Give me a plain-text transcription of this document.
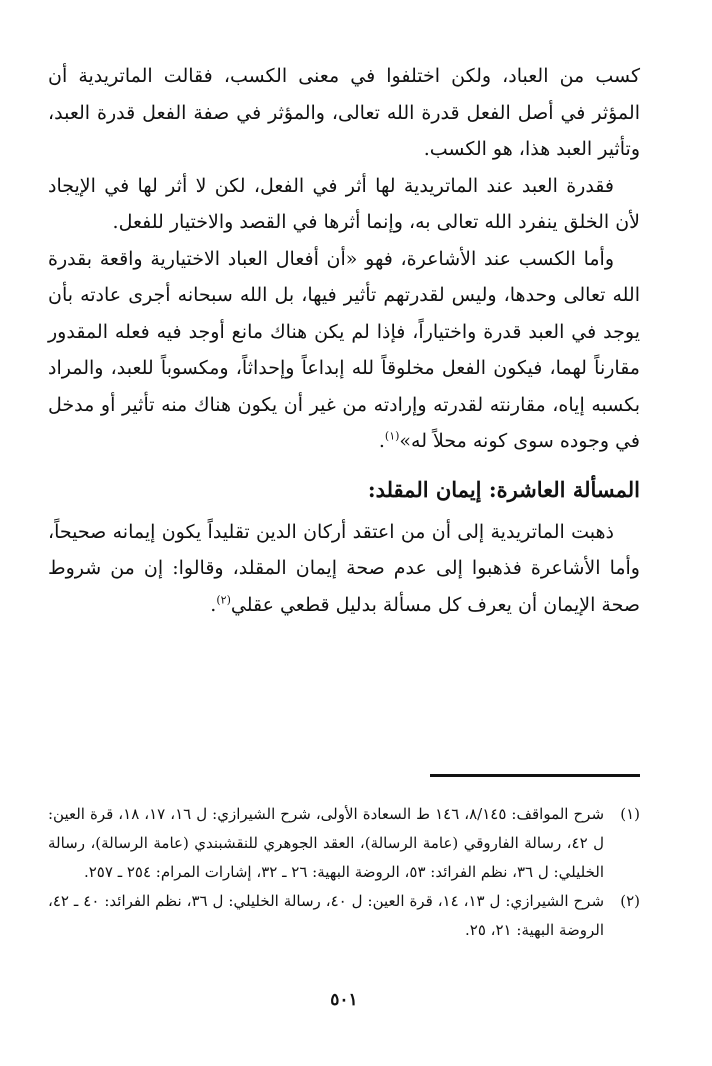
كسب من العباد، ولكن اختلفوا في معنى الكسب، فقالت الماتريدية أن المؤثر في أصل الفعل قدرة الله تعالى، والمؤثر في صفة الفعل قدرة العبد، وتأثير العبد هذا، هو الكسب.

فقدرة العبد عند الماتريدية لها أثر في الفعل، لكن لا أثر لها في الإيجاد لأن الخلق ينفرد الله تعالى به، وإنما أثرها في القصد والاختيار للفعل.

وأما الكسب عند الأشاعرة، فهو «أن أفعال العباد الاختيارية واقعة بقدرة الله تعالى وحدها، وليس لقدرتهم تأثير فيها، بل الله سبحانه أجرى عادته بأن يوجد في العبد قدرة واختياراً، فإذا لم يكن هناك مانع أوجد فيه فعله المقدور مقارناً لهما، فيكون الفعل مخلوقاً لله إبداعاً وإحداثاً، ومكسوباً للعبد، والمراد بكسبه إياه، مقارنته لقدرته وإرادته من غير أن يكون هناك منه تأثير أو مدخل في وجوده سوى كونه محلاً له»$^{(١)}$.

المسألة العاشرة: إيمان المقلد:

ذهبت الماتريدية إلى أن من اعتقد أركان الدين تقليداً يكون إيمانه صحيحاً، وأما الأشاعرة فذهبوا إلى عدم صحة إيمان المقلد، وقالوا: إن من شروط صحة الإيمان أن يعرف كل مسألة بدليل قطعي عقلي$^{(٢)}$.

(١)
شرح المواقف: ٨/١٤٥، ١٤٦ ط السعادة الأولى، شرح الشيرازي: ل ١٦، ١٧، ١٨، قرة العين: ل ٤٢، رسالة الفاروقي (عامة الرسالة)، العقد الجوهري للنقشبندي (عامة الرسالة)، رسالة الخليلي: ل ٣٦، نظم الفرائد: ٥٣، الروضة البهية: ٢٦ ـ ٣٢، إشارات المرام: ٢٥٤ ـ ٢٥٧.
(٢)
شرح الشيرازي: ل ١٣، ١٤، قرة العين: ل ٤٠، رسالة الخليلي: ل ٣٦، نظم الفرائد: ٤٠ ـ ٤٢، الروضة البهية: ٢١، ٢٥.
٥٠١
